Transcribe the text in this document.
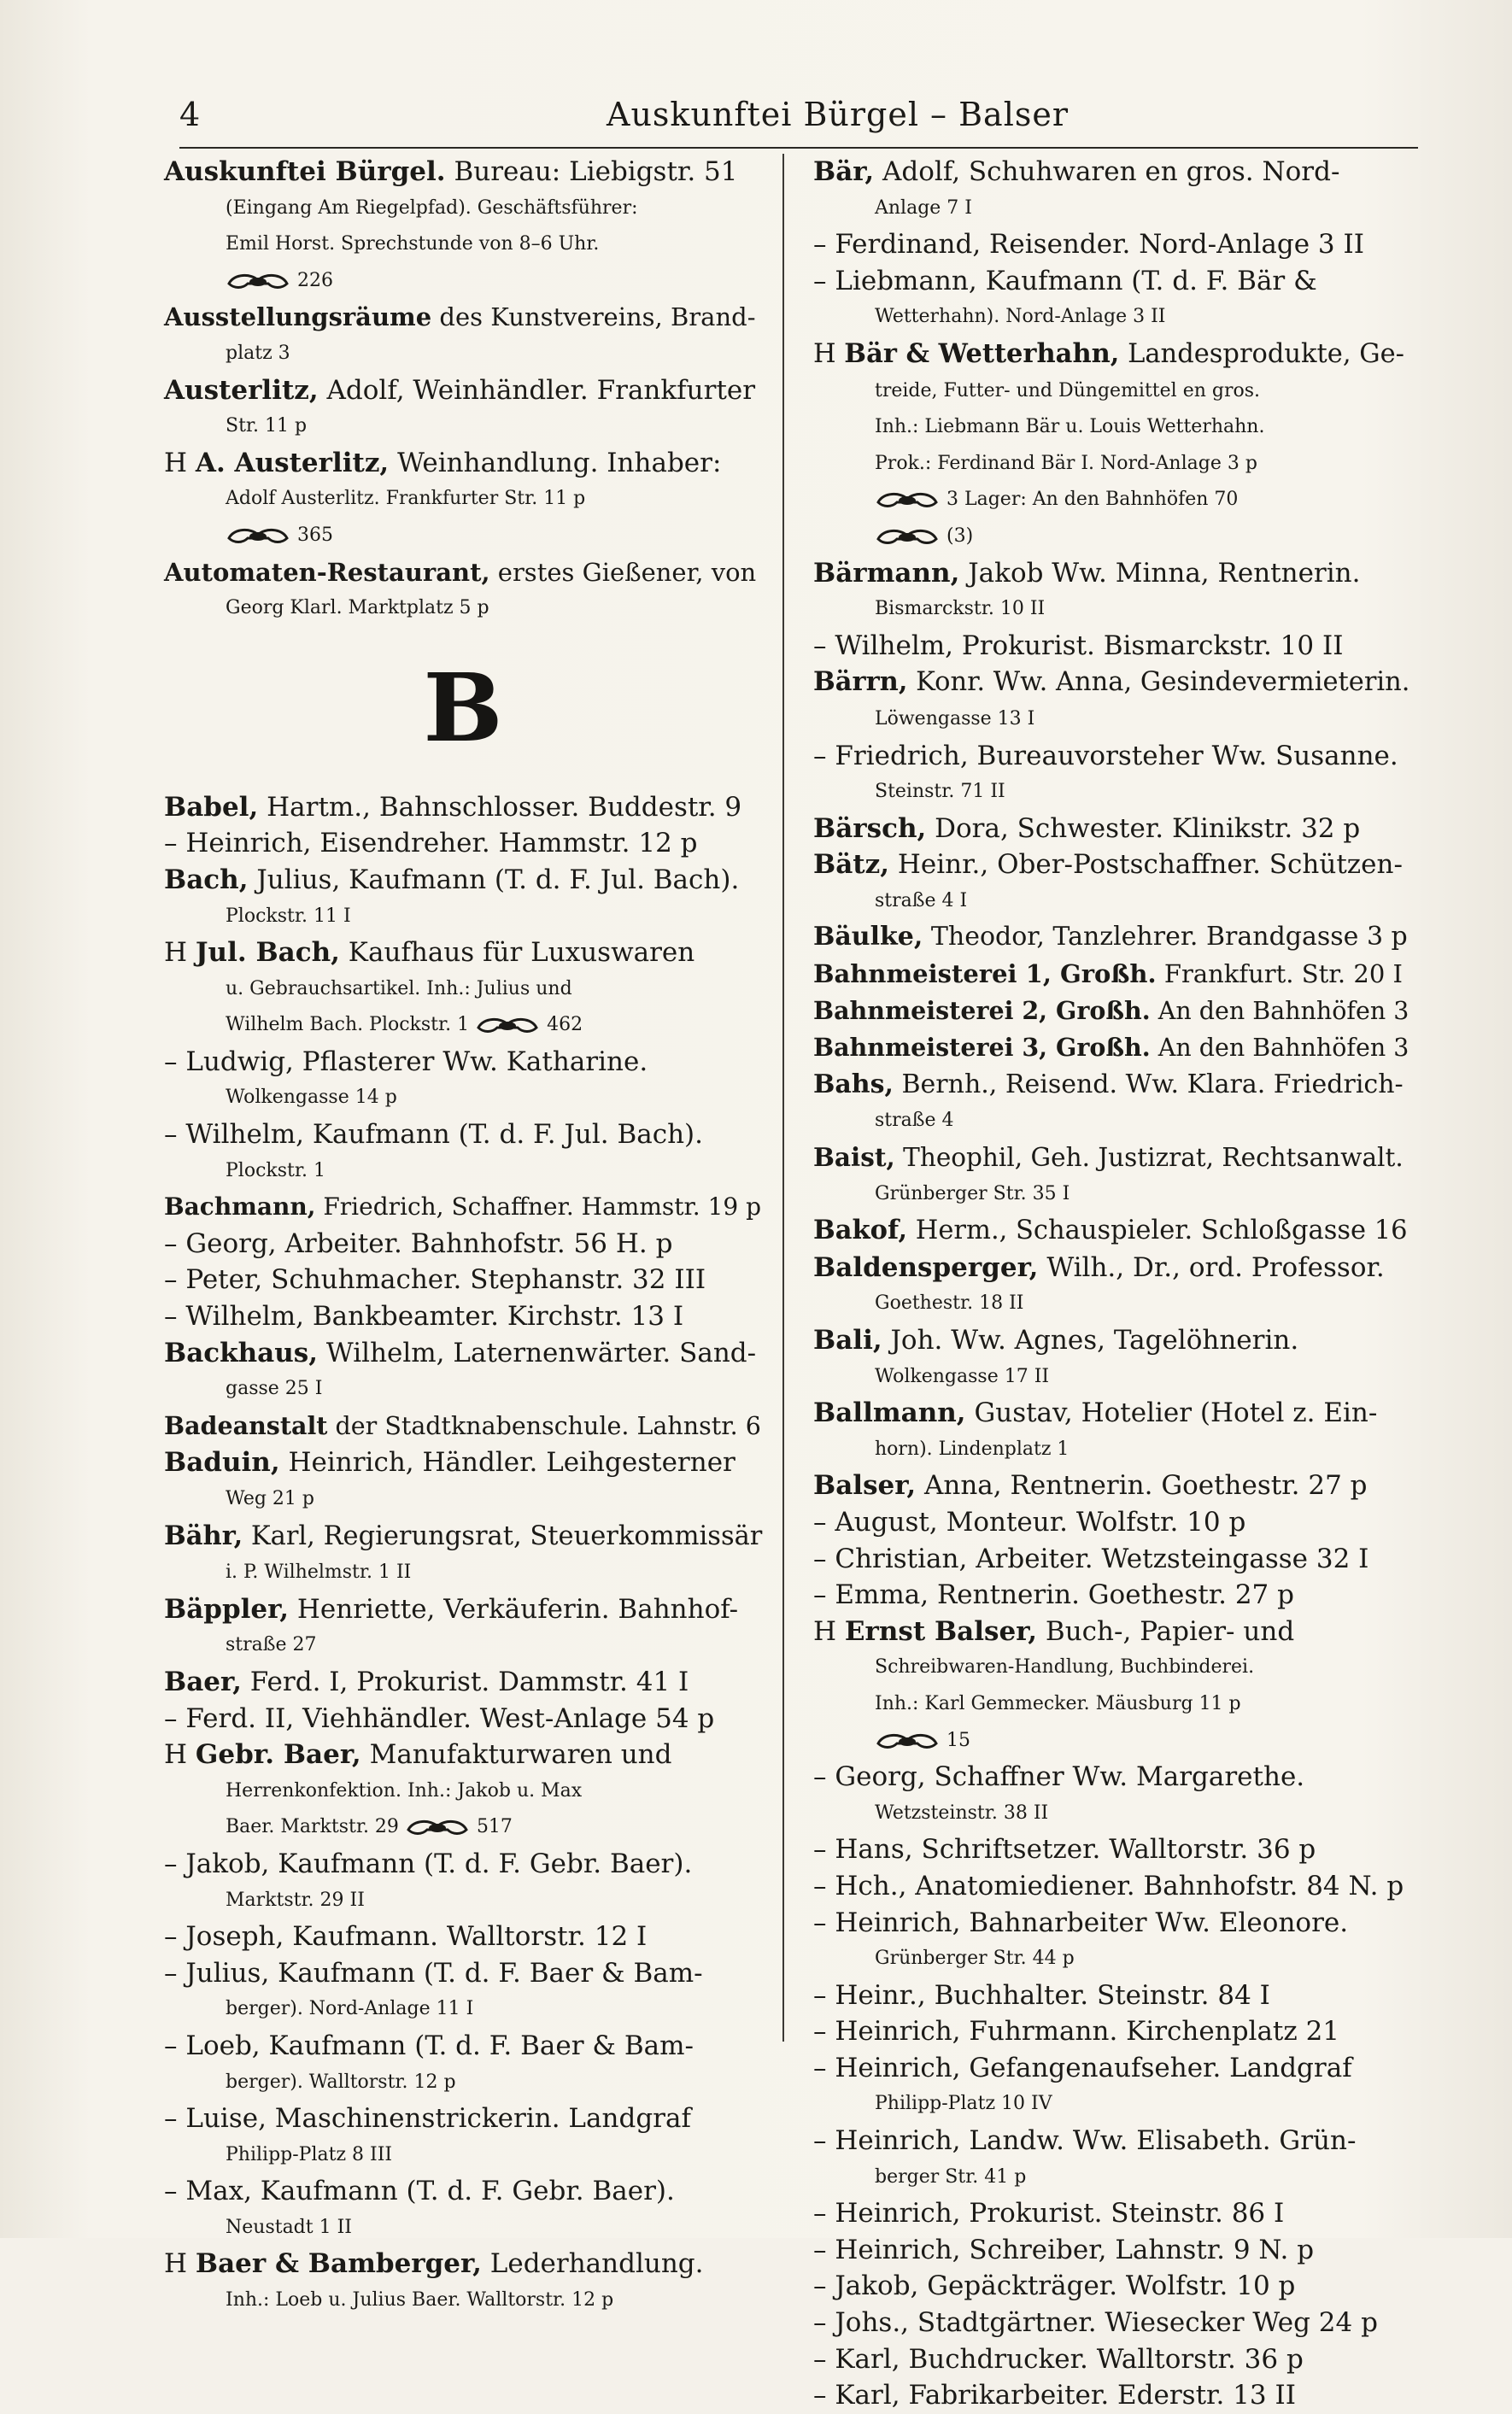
4	Auskunftei Bürgel – Balser
Auskunftei Bürgel. Bureau: Liebigstr. 51
(Eingang Am Riegelpfad). Geschäftsführer:
Emil Horst. Sprechstunde von 8–6 Uhr.
226
Ausstellungsräume des Kunstvereins, Brand-
platz 3
Austerlitz, Adolf, Weinhändler. Frankfurter
Str. 11 p
H A. Austerlitz, Weinhandlung. Inhaber:
Adolf Austerlitz. Frankfurter Str. 11 p
365
Automaten-Restaurant, erstes Gießener, von
Georg Klarl. Marktplatz 5 p
B
Babel, Hartm., Bahnschlosser. Buddestr. 9
– Heinrich, Eisendreher. Hammstr. 12 p
Bach, Julius, Kaufmann (T. d. F. Jul. Bach).
Plockstr. 11 I
H Jul. Bach, Kaufhaus für Luxuswaren
u. Gebrauchsartikel. Inh.: Julius und
Wilhelm Bach. Plockstr. 1	462
– Ludwig, Pflasterer Ww. Katharine.
Wolkengasse 14 p
– Wilhelm, Kaufmann (T. d. F. Jul. Bach).
Plockstr. 1
Bachmann, Friedrich, Schaffner. Hammstr. 19 p
– Georg, Arbeiter. Bahnhofstr. 56 H. p
– Peter, Schuhmacher. Stephanstr. 32 III
– Wilhelm, Bankbeamter. Kirchstr. 13 I
Backhaus, Wilhelm, Laternenwärter. Sand-
gasse 25 I
Badeanstalt der Stadtknabenschule. Lahnstr. 6
Baduin, Heinrich, Händler. Leihgesterner
Weg 21 p
Bähr, Karl, Regierungsrat, Steuerkommissär
i. P. Wilhelmstr. 1 II
Bäppler, Henriette, Verkäuferin. Bahnhof-
straße 27
Baer, Ferd. I, Prokurist. Dammstr. 41 I
– Ferd. II, Viehhändler. West-Anlage 54 p
H Gebr. Baer, Manufakturwaren und
Herrenkonfektion. Inh.: Jakob u. Max
Baer. Marktstr. 29	517
– Jakob, Kaufmann (T. d. F. Gebr. Baer).
Marktstr. 29 II
– Joseph, Kaufmann. Walltorstr. 12 I
– Julius, Kaufmann (T. d. F. Baer & Bam-
berger). Nord-Anlage 11 I
– Loeb, Kaufmann (T. d. F. Baer & Bam-
berger). Walltorstr. 12 p
– Luise, Maschinenstrickerin. Landgraf
Philipp-Platz 8 III
– Max, Kaufmann (T. d. F. Gebr. Baer).
Neustadt 1 II
H Baer & Bamberger, Lederhandlung.
Inh.: Loeb u. Julius Baer. Walltorstr. 12 p
Bär, Adolf, Schuhwaren en gros. Nord-
Anlage 7 I
– Ferdinand, Reisender. Nord-Anlage 3 II
– Liebmann, Kaufmann (T. d. F. Bär &
Wetterhahn). Nord-Anlage 3 II
H Bär & Wetterhahn, Landesprodukte, Ge-
treide, Futter- und Düngemittel en gros.
Inh.: Liebmann Bär u. Louis Wetterhahn.
Prok.: Ferdinand Bär I. Nord-Anlage 3 p
3 Lager: An den Bahnhöfen 70
(3)
Bärmann, Jakob Ww. Minna, Rentnerin.
Bismarckstr. 10 II
– Wilhelm, Prokurist. Bismarckstr. 10 II
Bärrn, Konr. Ww. Anna, Gesindevermieterin.
Löwengasse 13 I
– Friedrich, Bureauvorsteher Ww. Susanne.
Steinstr. 71 II
Bärsch, Dora, Schwester. Klinikstr. 32 p
Bätz, Heinr., Ober-Postschaffner. Schützen-
straße 4 I
Bäulke, Theodor, Tanzlehrer. Brandgasse 3 p
Bahnmeisterei 1, Großh. Frankfurt. Str. 20 I
Bahnmeisterei 2, Großh. An den Bahnhöfen 3
Bahnmeisterei 3, Großh. An den Bahnhöfen 3
Bahs, Bernh., Reisend. Ww. Klara. Friedrich-
straße 4
Baist, Theophil, Geh. Justizrat, Rechtsanwalt.
Grünberger Str. 35 I
Bakof, Herm., Schauspieler. Schloßgasse 16
Baldensperger, Wilh., Dr., ord. Professor.
Goethestr. 18 II
Bali, Joh. Ww. Agnes, Tagelöhnerin.
Wolkengasse 17 II
Ballmann, Gustav, Hotelier (Hotel z. Ein-
horn). Lindenplatz 1
Balser, Anna, Rentnerin. Goethestr. 27 p
– August, Monteur. Wolfstr. 10 p
– Christian, Arbeiter. Wetzsteingasse 32 I
– Emma, Rentnerin. Goethestr. 27 p
H Ernst Balser, Buch-, Papier- und
Schreibwaren-Handlung, Buchbinderei.
Inh.: Karl Gemmecker. Mäusburg 11 p
15
– Georg, Schaffner Ww. Margarethe.
Wetzsteinstr. 38 II
– Hans, Schriftsetzer. Walltorstr. 36 p
– Hch., Anatomiediener. Bahnhofstr. 84 N. p
– Heinrich, Bahnarbeiter Ww. Eleonore.
Grünberger Str. 44 p
– Heinr., Buchhalter. Steinstr. 84 I
– Heinrich, Fuhrmann. Kirchenplatz 21
– Heinrich, Gefangenaufseher. Landgraf
Philipp-Platz 10 IV
– Heinrich, Landw. Ww. Elisabeth. Grün-
berger Str. 41 p
– Heinrich, Prokurist. Steinstr. 86 I
– Heinrich, Schreiber, Lahnstr. 9 N. p
– Jakob, Gepäckträger. Wolfstr. 10 p
– Johs., Stadtgärtner. Wiesecker Weg 24 p
– Karl, Buchdrucker. Walltorstr. 36 p
– Karl, Fabrikarbeiter. Ederstr. 13 II
